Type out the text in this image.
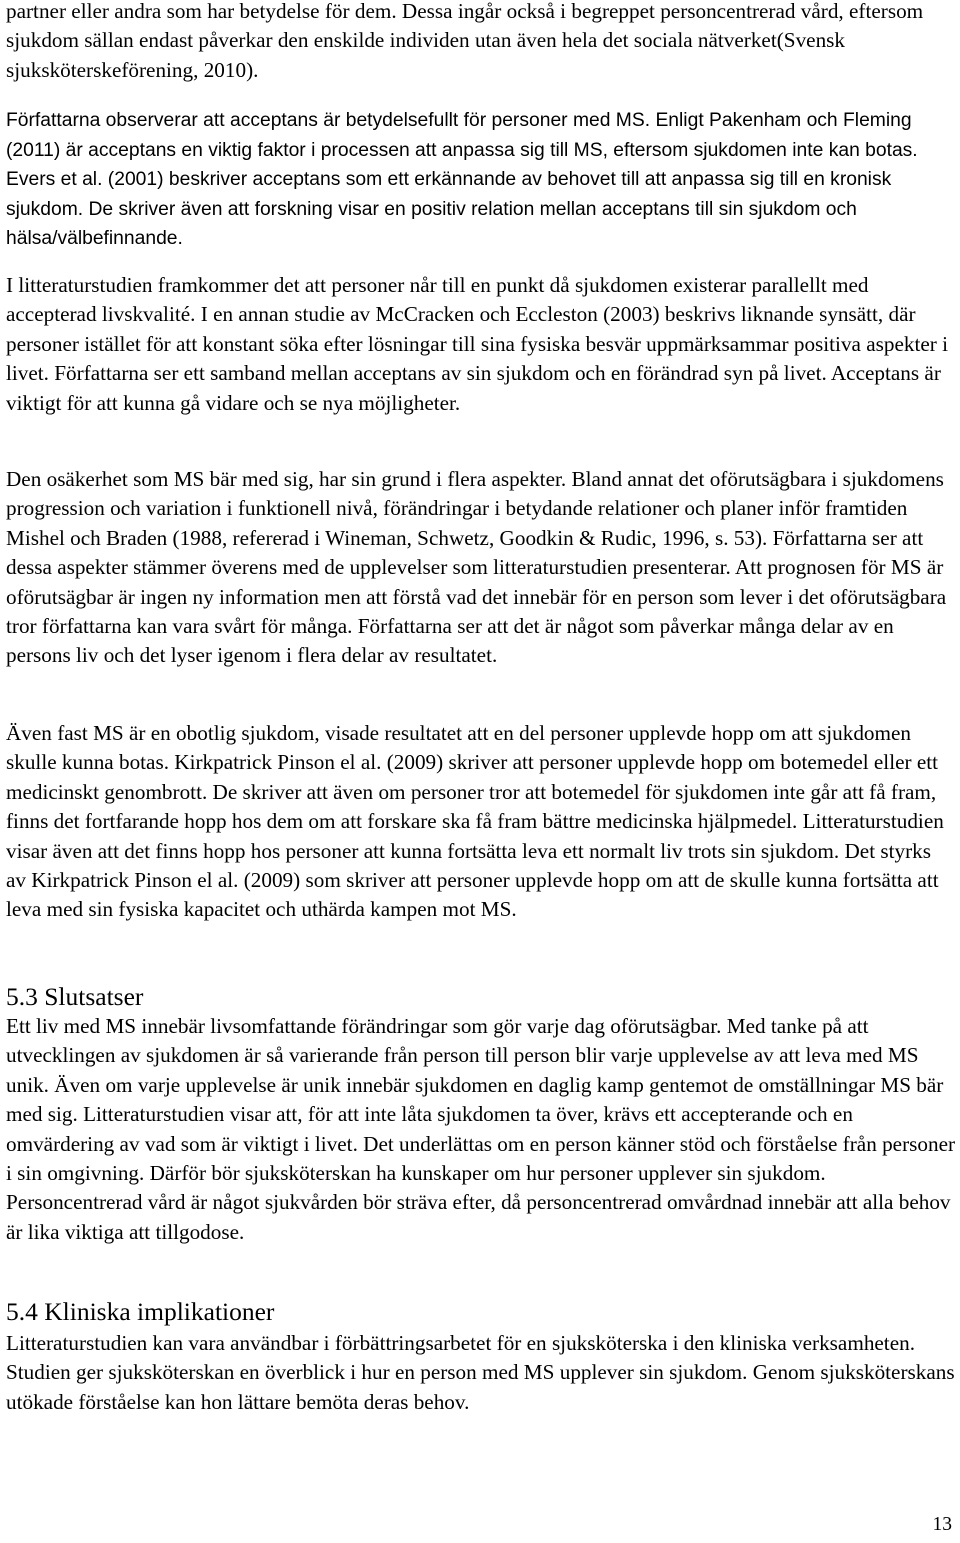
partner eller andra som har betydelse för dem. Dessa ingår också i begreppet personcentrerad vård, eftersom sjukdom sällan endast påverkar den enskilde individen utan även hela det sociala nätverket(Svensk sjuksköterskeförening, 2010).

Författarna observerar att acceptans är betydelsefullt för personer med MS. Enligt Pakenham och Fleming (2011) är acceptans en viktig faktor i processen att anpassa sig till MS, eftersom sjukdomen inte kan botas. Evers et al. (2001) beskriver acceptans som ett erkännande av behovet till att anpassa sig till en kronisk sjukdom. De skriver även att forskning visar en positiv relation mellan acceptans till sin sjukdom och hälsa/välbefinnande.

I litteraturstudien framkommer det att personer når till en punkt då sjukdomen existerar parallellt med accepterad livskvalité. I en annan studie av McCracken och Eccleston (2003) beskrivs liknande synsätt, där personer istället för att konstant söka efter lösningar till sina fysiska besvär uppmärksammar positiva aspekter i livet. Författarna ser ett samband mellan acceptans av sin sjukdom och en förändrad syn på livet. Acceptans är viktigt för att kunna gå vidare och se nya möjligheter.

Den osäkerhet som MS bär med sig, har sin grund i flera aspekter. Bland annat det oförutsägbara i sjukdomens progression och variation i funktionell nivå, förändringar i betydande relationer och planer inför framtiden Mishel och Braden (1988, refererad i Wineman, Schwetz, Goodkin & Rudic, 1996, s. 53). Författarna ser att dessa aspekter stämmer överens med de upplevelser som litteraturstudien presenterar. Att prognosen för MS är oförutsägbar är ingen ny information men att förstå vad det innebär för en person som lever i det oförutsägbara tror författarna kan vara svårt för många. Författarna ser att det är något som påverkar många delar av en persons liv och det lyser igenom i flera delar av resultatet.

Även fast MS är en obotlig sjukdom, visade resultatet att en del personer upplevde hopp om att sjukdomen skulle kunna botas. Kirkpatrick Pinson el al. (2009) skriver att personer upplevde hopp om botemedel eller ett medicinskt genombrott. De skriver att även om personer tror att botemedel för sjukdomen inte går att få fram, finns det fortfarande hopp hos dem om att forskare ska få fram bättre medicinska hjälpmedel. Litteraturstudien visar även att det finns hopp hos personer att kunna fortsätta leva ett normalt liv trots sin sjukdom. Det styrks av Kirkpatrick Pinson el al. (2009) som skriver att personer upplevde hopp om att de skulle kunna fortsätta att leva med sin fysiska kapacitet och uthärda kampen mot MS.

5.3 Slutsatser

Ett liv med MS innebär livsomfattande förändringar som gör varje dag oförutsägbar. Med tanke på att utvecklingen av sjukdomen är så varierande från person till person blir varje upplevelse av att leva med MS unik. Även om varje upplevelse är unik innebär sjukdomen en daglig kamp gentemot de omställningar MS bär med sig. Litteraturstudien visar att, för att inte låta sjukdomen ta över, krävs ett accepterande och en omvärdering av vad som är viktigt i livet. Det underlättas om en person känner stöd och förståelse från personer i sin omgivning. Därför bör sjuksköterskan ha kunskaper om hur personer upplever sin sjukdom. Personcentrerad vård är något sjukvården bör sträva efter, då personcentrerad omvårdnad innebär att alla behov är lika viktiga att tillgodose.

5.4 Kliniska implikationer

Litteraturstudien kan vara användbar i förbättringsarbetet för en sjuksköterska i den kliniska verksamheten. Studien ger sjuksköterskan en överblick i hur en person med MS upplever sin sjukdom. Genom sjuksköterskans utökade förståelse kan hon lättare bemöta deras behov.

13
